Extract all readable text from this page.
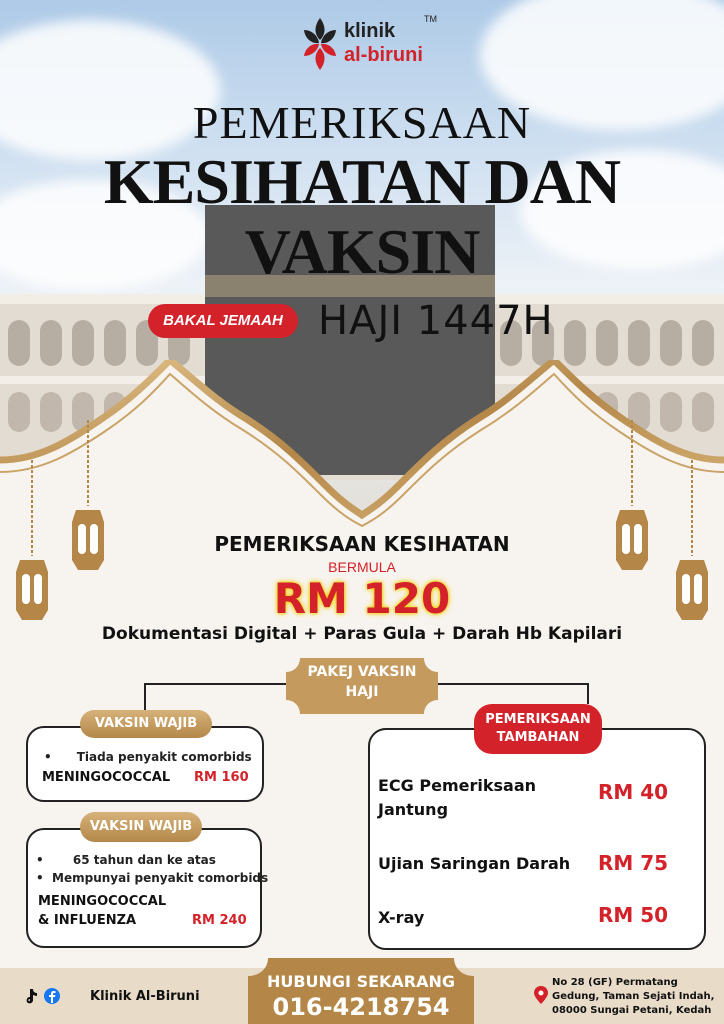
klinik
al-biruni
TM
PEMERIKSAAN
KESIHATAN DAN
VAKSIN
BAKAL JEMAAH HAJI 1447H
PEMERIKSAAN KESIHATAN
BERMULA
RM 120
Dokumentasi Digital + Paras Gula + Darah Hb Kapilari
PAKEJ VAKSIN
HAJI
VAKSIN WAJIB
•      Tiada penyakit comorbids
MENINGOCOCCAL RM 160
VAKSIN WAJIB
•       65 tahun dan ke atas
•  Mempunyai penyakit comorbids
MENINGOCOCCAL
& INFLUENZA	RM 240
PEMERIKSAAN
TAMBAHAN
ECG Pemeriksaan
Jantung
RM 40
Ujian Saringan Darah RM 75
X-ray	RM 50
Klinik Al-Biruni
HUBUNGI SEKARANG
016-4218754
No 28 (GF) Permatang
Gedung, Taman Sejati Indah,
08000 Sungai Petani, Kedah
